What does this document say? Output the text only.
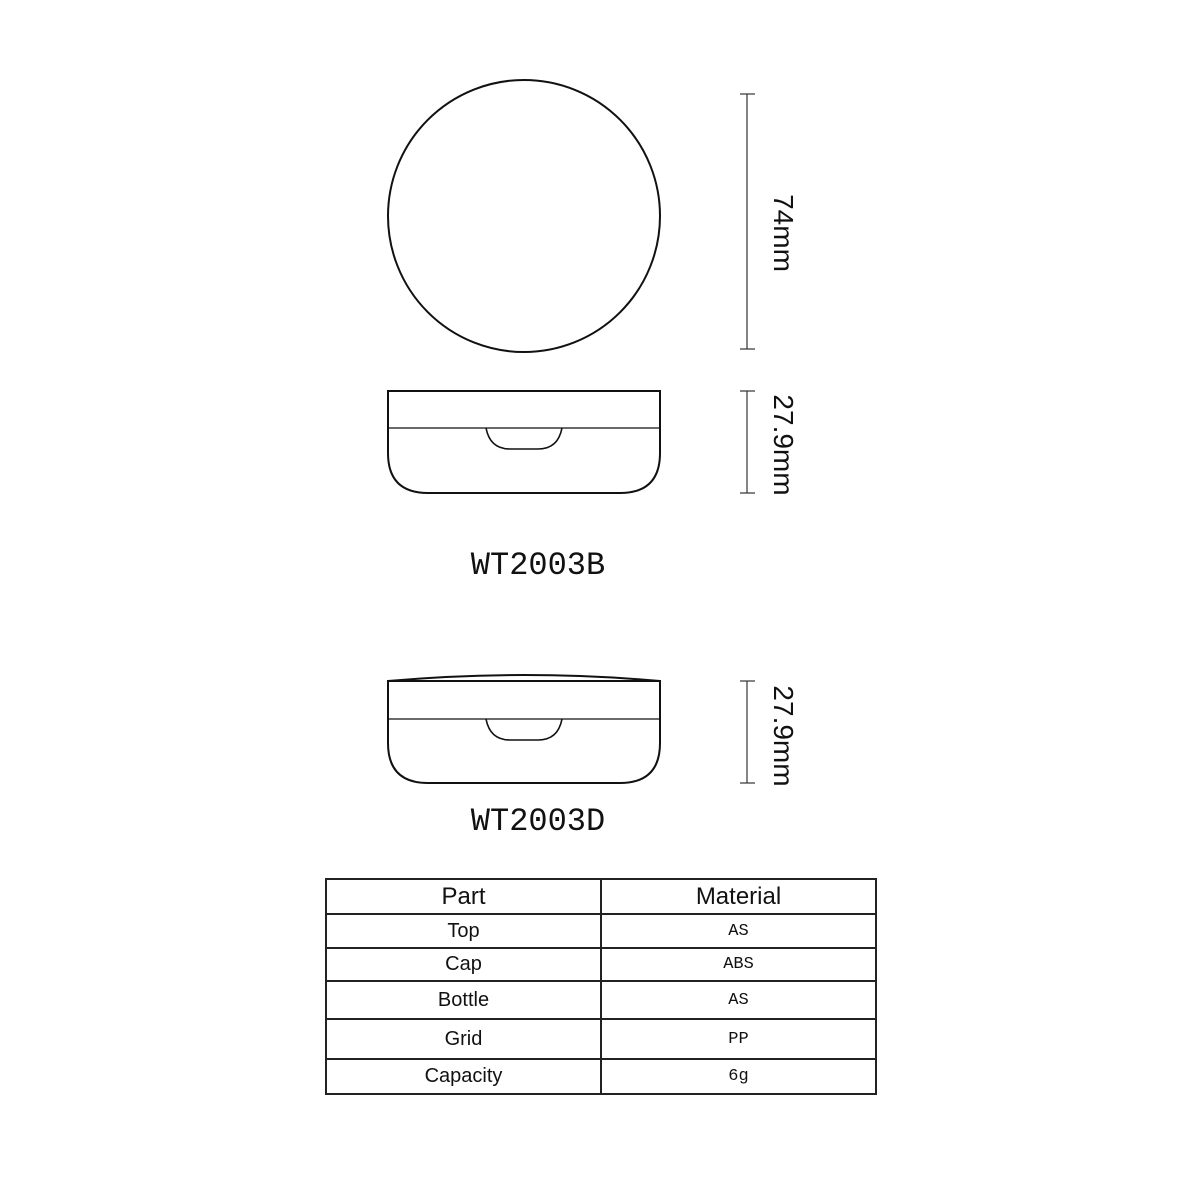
74mm
27.9mm
WT2003B
27.9mm
WT2003D
Part	Material
Top	AS
Cap	ABS
Bottle	AS
Grid	PP
Capacity	6g
